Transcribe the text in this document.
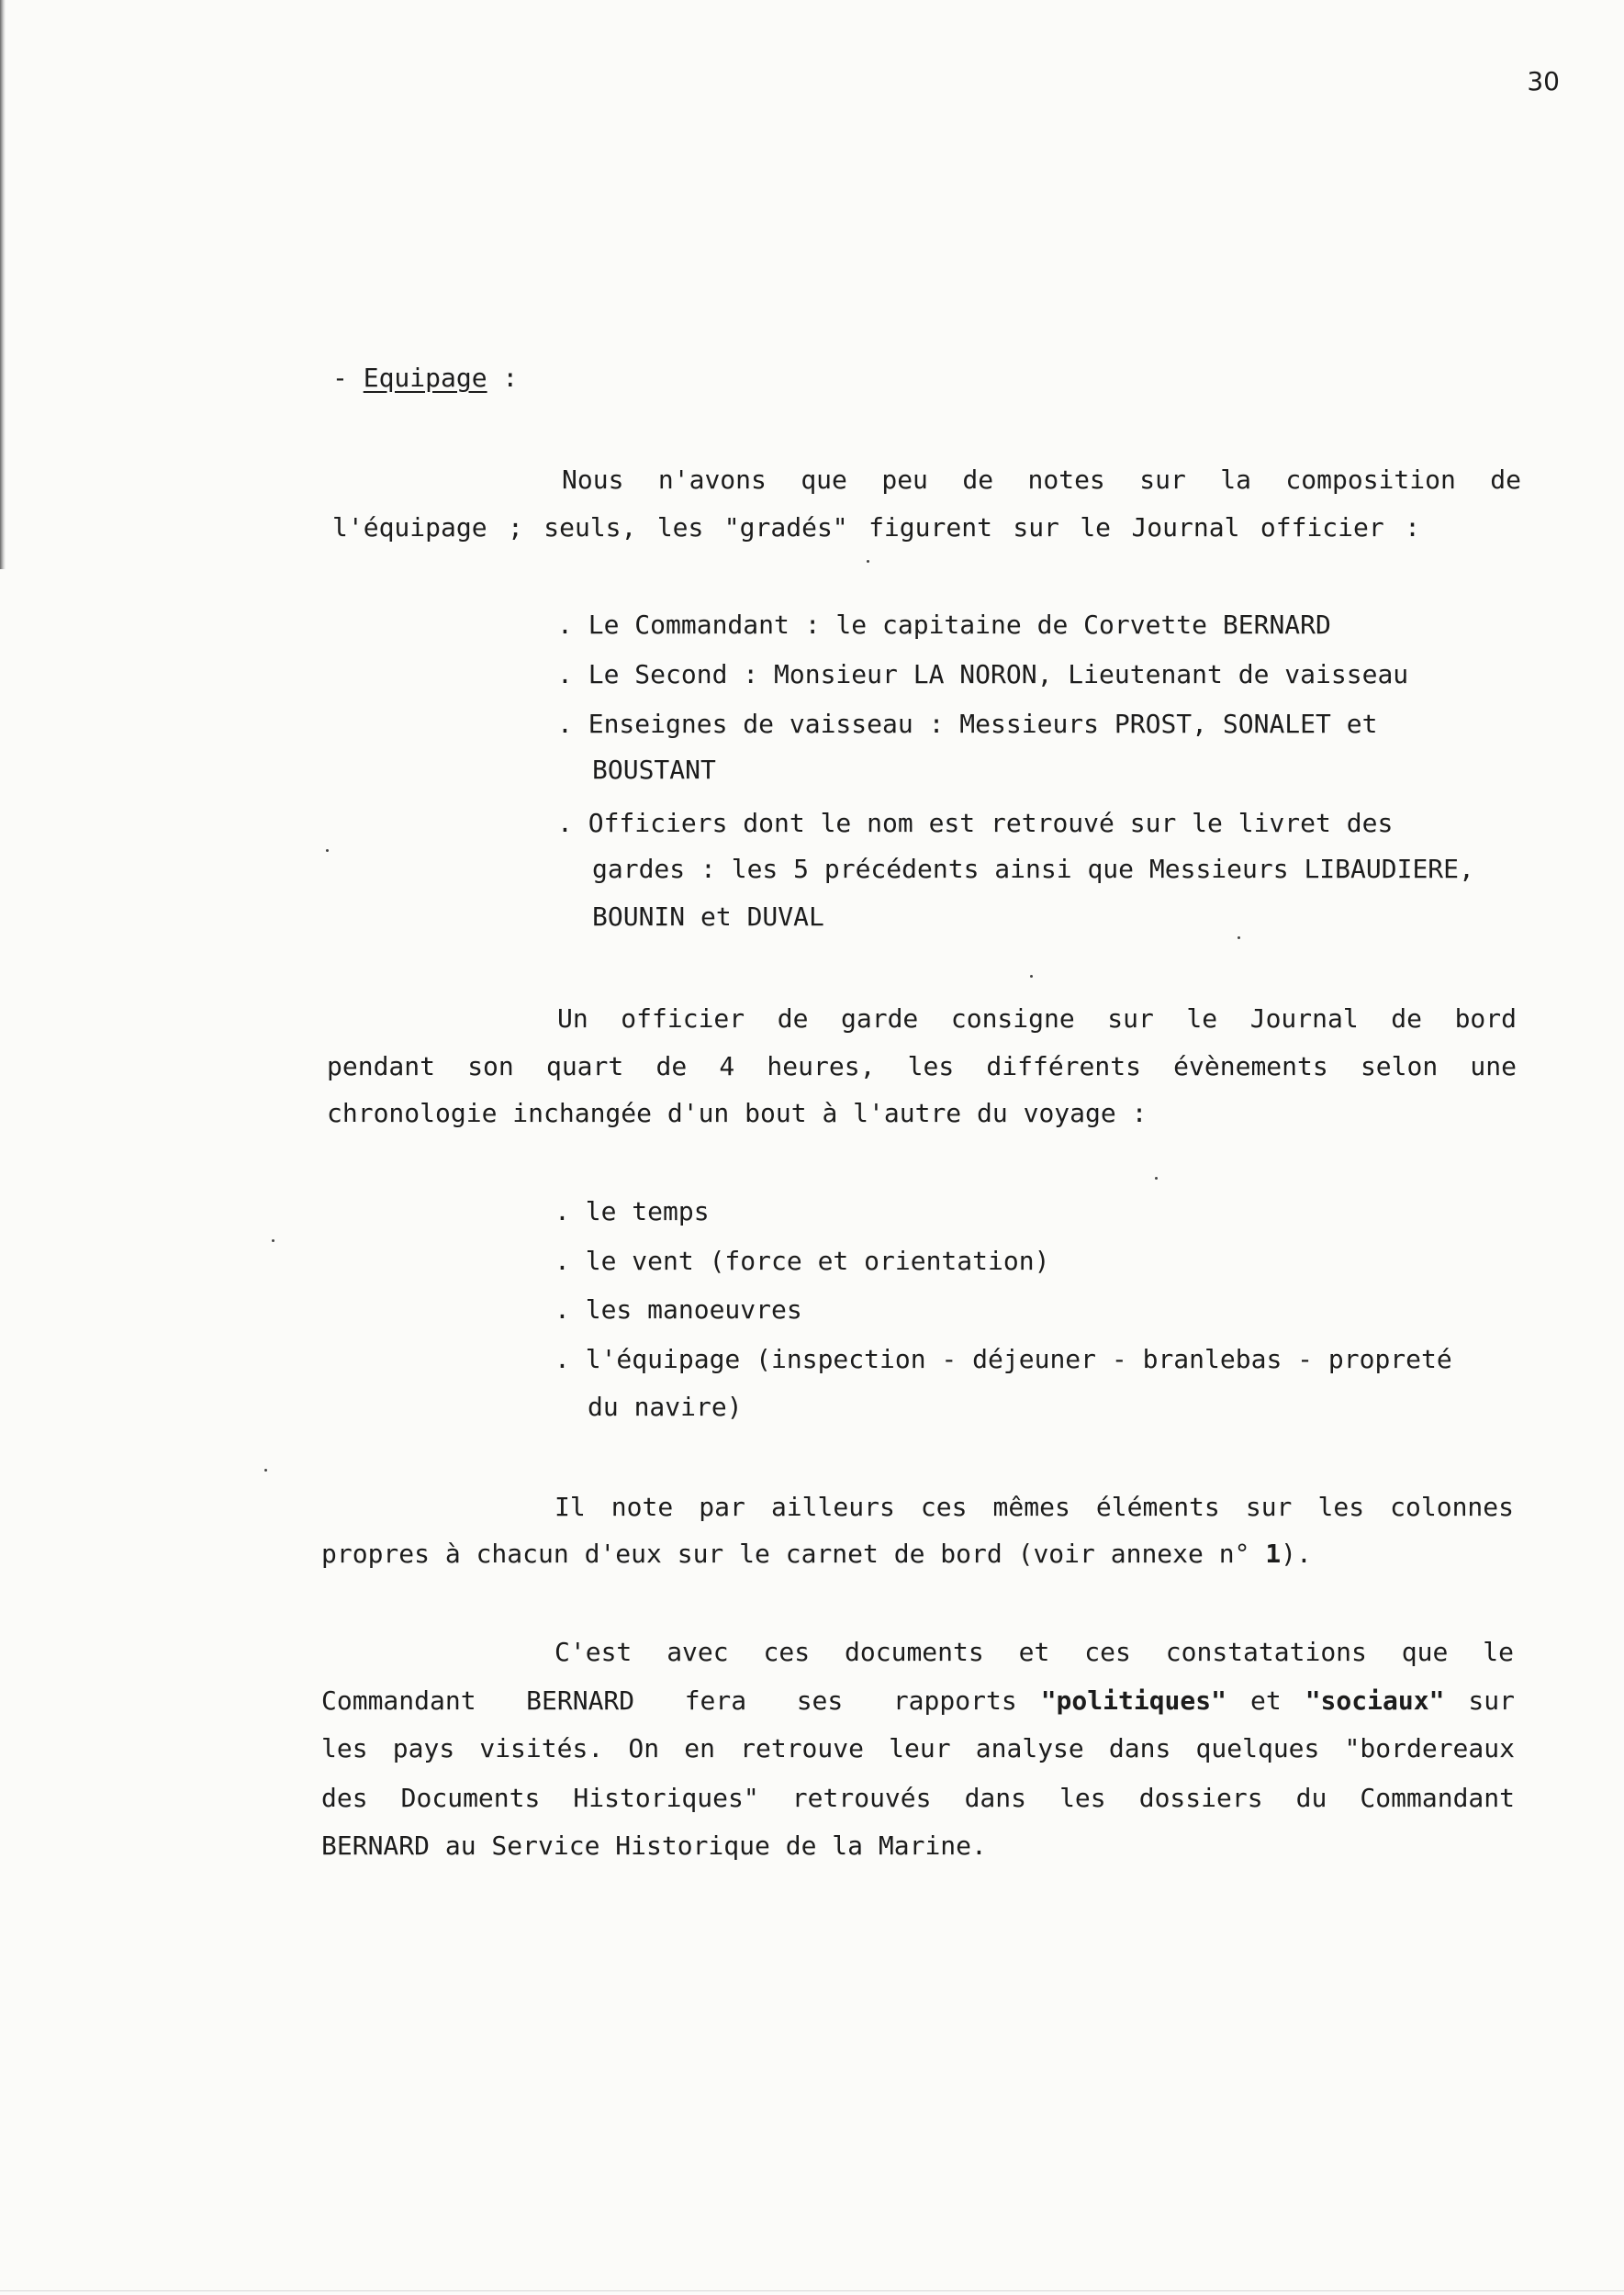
30
- Equipage :
Nous n'avons que peu de notes sur la composition de
l'équipage ; seuls, les "gradés" figurent sur le Journal officier :
. Le Commandant : le capitaine de Corvette BERNARD
. Le Second : Monsieur LA NORON, Lieutenant de vaisseau
. Enseignes de vaisseau : Messieurs PROST, SONALET et
BOUSTANT
. Officiers dont le nom est retrouvé sur le livret des
gardes : les 5 précédents ainsi que Messieurs LIBAUDIERE,
BOUNIN et DUVAL
Un officier de garde consigne sur le Journal de bord
pendant son quart de 4 heures, les différents évènements selon une
chronologie inchangée d'un bout à l'autre du voyage :
. le temps
. le vent (force et orientation)
. les manoeuvres
. l'équipage (inspection - déjeuner - branlebas - propreté
du navire)
Il note par ailleurs ces mêmes éléments sur les colonnes
propres à chacun d'eux sur le carnet de bord (voir annexe n° 1).
C'est avec ces documents et ces constatations que le
Commandant BERNARD fera ses rapports "politiques" et "sociaux" sur
les pays visités. On en retrouve leur analyse dans quelques "bordereaux
des Documents Historiques" retrouvés dans les dossiers du Commandant
BERNARD au Service Historique de la Marine.
